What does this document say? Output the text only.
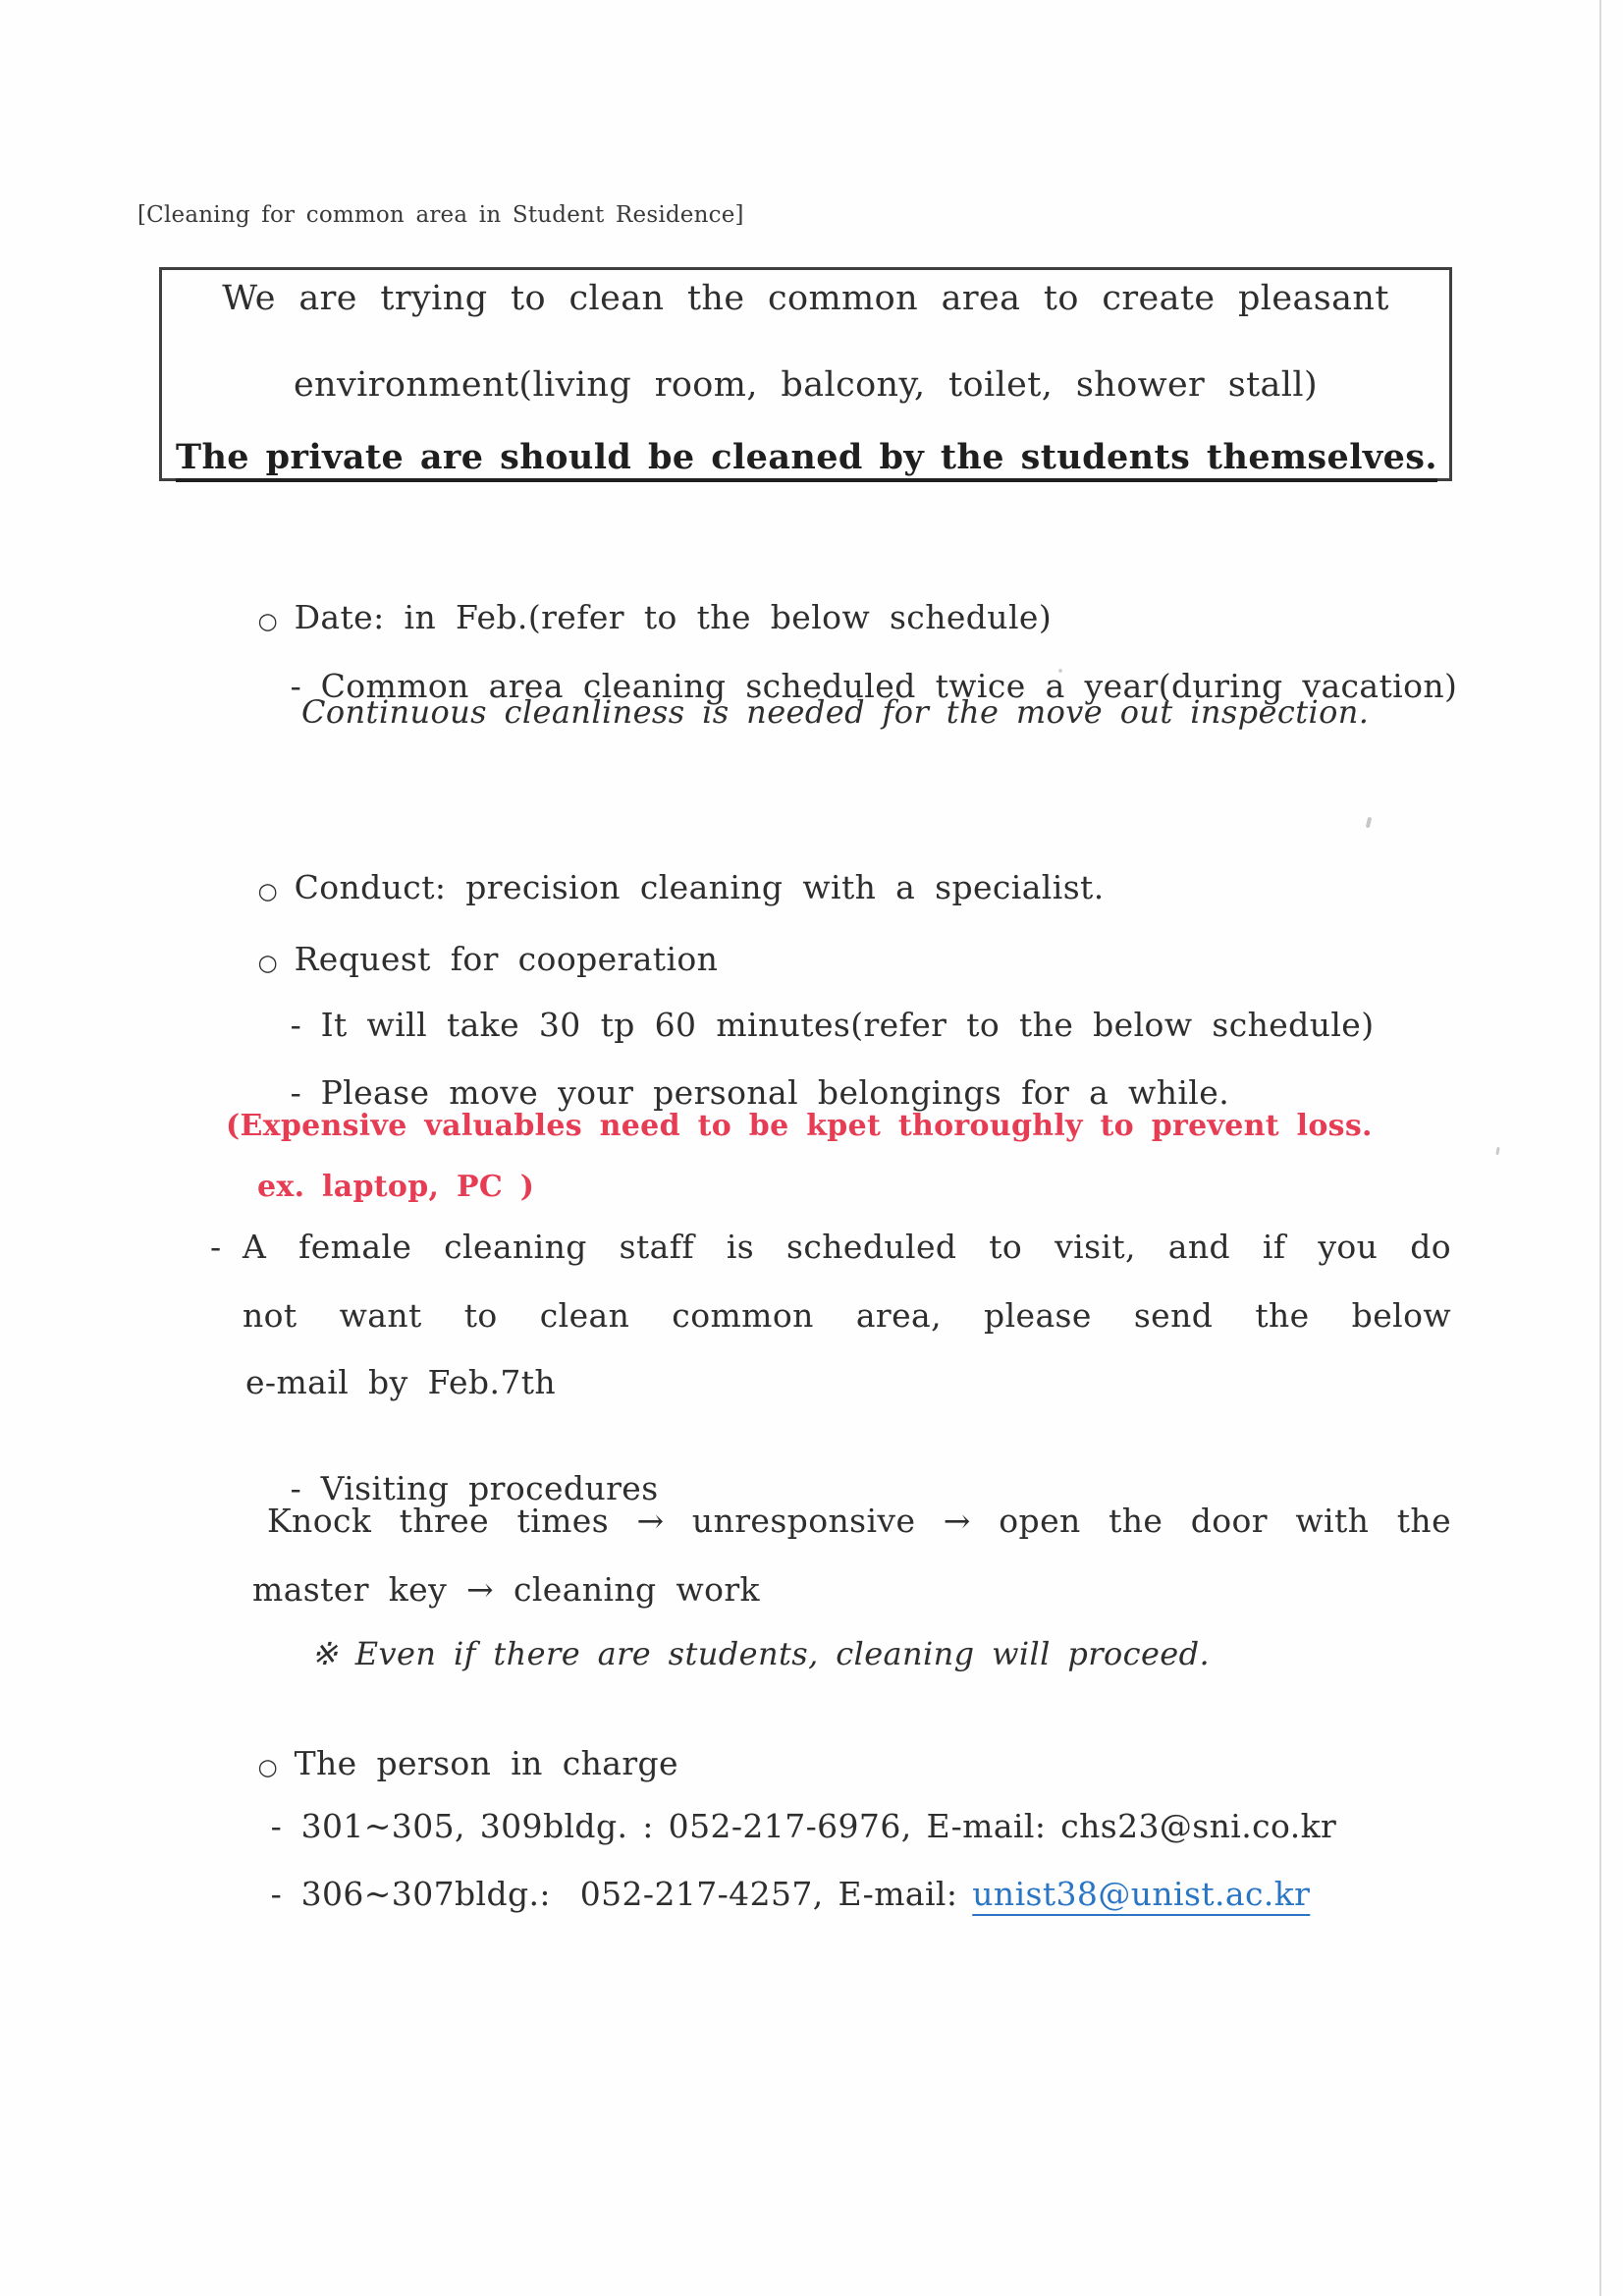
[Cleaning for common area in Student Residence]
We are trying to clean the common area to create pleasant
environment(living room, balcony, toilet, shower stall)
The private are should be cleaned by the students themselves.

○ Date: in Feb.(refer to the below schedule)

- Common area cleaning scheduled twice a year(during vacation)

Continuous cleanliness is needed for the move out inspection.

○ Conduct: precision cleaning with a specialist.

○ Request for cooperation

- It will take 30 tp 60 minutes(refer to the below schedule)

- Please move your personal belongings for a while.

(Expensive valuables need to be kpet thoroughly to prevent loss.
ex. laptop, PC )
- A female cleaning staff is scheduled to visit, and if you do
not want to clean common area, please send the below
e-mail by Feb.7th

- Visiting procedures

Knock three times → unresponsive → open the door with the
master key → cleaning work
※ Even if there are students, cleaning will proceed.

○ The person in charge

- 301~305, 309bldg. : 052-217-6976, E-mail: chs23@sni.co.kr

- 306~307bldg.:  052-217-4257, E-mail: unist38@unist.ac.kr
